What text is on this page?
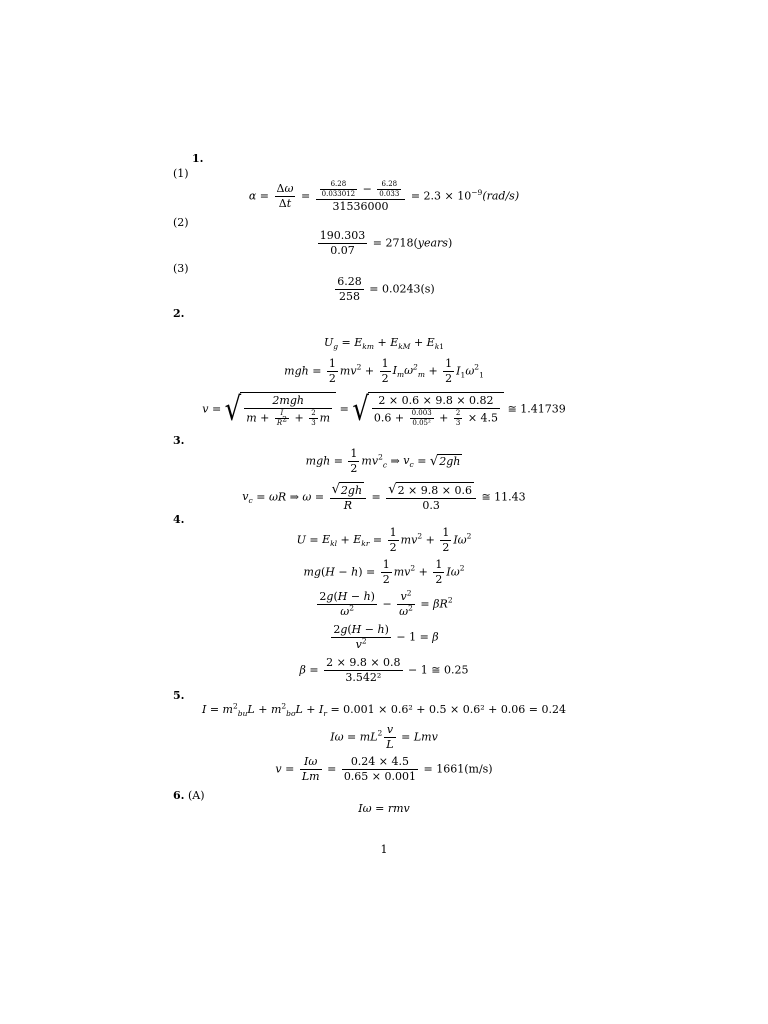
1.
(1)
$\alpha = \frac{\Delta\omega}{\Delta t} = \frac{\frac{6.28}{0.033012} - \frac{6.28}{0.033}}{31536000} = 2.3 \times 10^{-9}(rad/s)$
(2)
$\frac{190.303}{0.07}$ = 2718(years)
(3)
$\frac{6.28}{258} = 0.0243(s)$
2.
$U_g = E_{km} + E_{kM} + E_{k1}$
mgh = $\frac{1}{2} mv^2 + \frac{1}{2} I_m\omega^2_m + \frac{1}{2} I_1\omega^2_1$
v = √ $\frac{\text{2mgh}}{m + \frac{I}{R^2} + \frac{2}{3} m}$ = √ $\frac{2 \times 0.6 \times 9.8 \times 0.82}{0.6 + \frac{0.003}{\text{0.05²}} + \frac{2}{3} \times 4.5}$ ≅ 1.41739
3.
mgh = $\frac{1}{2} mv^2_c$ ⇒ $v_c = √2gh$
$v_c = \omega R$ ⇒ $\omega = \frac{√2gh}{R} = \frac{√2 \times 9.8 \times 0.6}{0.3}$ ≅ 11.43
4.
$U = E_{kl} + E_{kr} = \frac{1}{2} mv^2 + \frac{1}{2} I\omega^2$
$mg(H - h) = \frac{1}{2} mv^2 + \frac{1}{2} I\omega^2$
$\frac{2g(H - h)}{\omega^2} - \frac{v^2}{\omega^2} = \beta R^2$
$\frac{2g(H - h)}{v^2} - 1 = \beta$
$\beta = \frac{2 \times 9.8 \times 0.8}{\text{3.542²}} - 1$ ≅ 0.25
5.
$I = m^2_{bu}L + m^2_{bo}L + I_r = 0.001 \times 0.6^2 + 0.5 \times 0.6^2 + 0.06 = 0.24$
$I\omega = mL^2 \frac{v}{L}$ = Lmv
$v = \frac{I\omega}{Lm} = \frac{0.24 \times 4.5}{0.65 \times 0.001} = 1661(m/s)$
6. (A)
Iω = rmv
1
